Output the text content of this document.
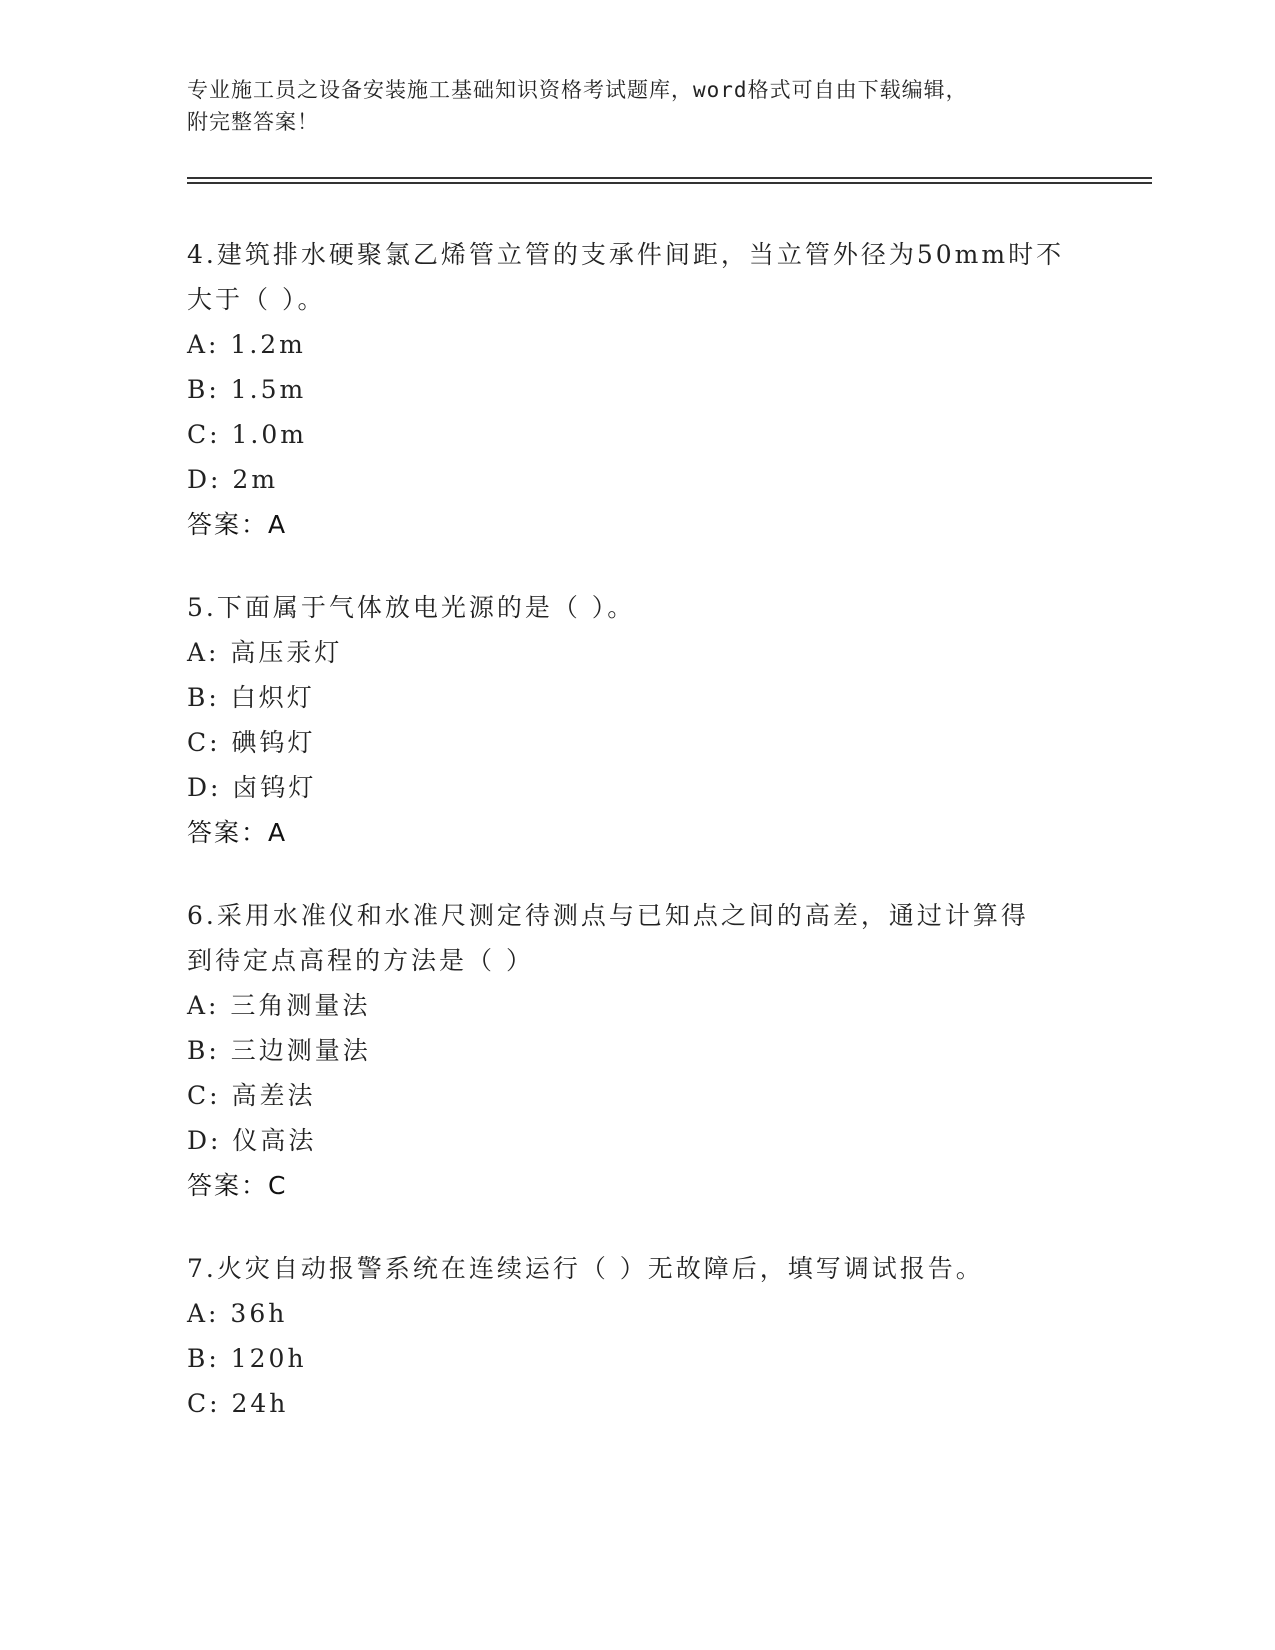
专业施工员之设备安装施工基础知识资格考试题库，word格式可自由下载编辑，
附完整答案！

4.建筑排水硬聚氯乙烯管立管的支承件间距，当立管外径为50mm时不

大于（ ）。

A: 1.2m

B: 1.5m

C: 1.0m

D: 2m

答案：A

5.下面属于气体放电光源的是（ ）。

A: 高压汞灯

B: 白炽灯

C: 碘钨灯

D: 卤钨灯

答案：A

6.采用水准仪和水准尺测定待测点与已知点之间的高差，通过计算得

到待定点高程的方法是（ ）

A: 三角测量法

B: 三边测量法

C: 高差法

D: 仪高法

答案：C

7.火灾自动报警系统在连续运行（ ）无故障后，填写调试报告。

A: 36h

B: 120h

C: 24h
